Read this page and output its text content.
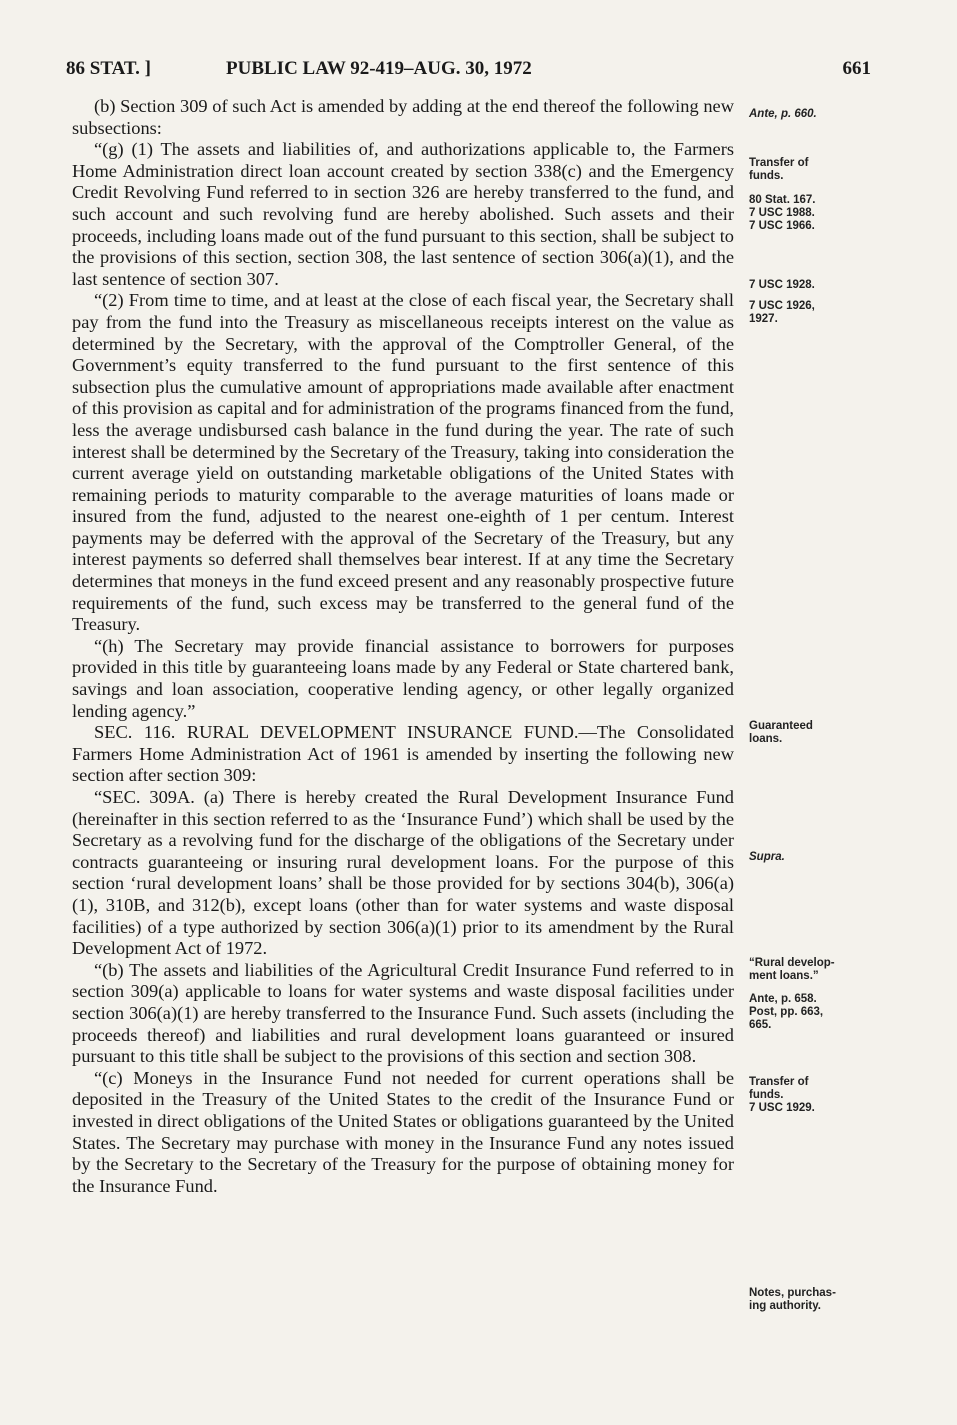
86 STAT. ]	PUBLIC LAW 92-419–AUG. 30, 1972	661

(b) Section 309 of such Act is amended by adding at the end thereof the following new subsections:

“(g) (1) The assets and liabilities of, and authorizations applicable to, the Farmers Home Administration direct loan account created by section 338(c) and the Emergency Credit Revolving Fund referred to in section 326 are hereby transferred to the fund, and such account and such revolving fund are hereby abolished. Such assets and their proceeds, including loans made out of the fund pursuant to this section, shall be subject to the provisions of this section, section 308, the last sentence of section 306(a)(1), and the last sentence of section 307.

“(2) From time to time, and at least at the close of each fiscal year, the Secretary shall pay from the fund into the Treasury as miscellaneous receipts interest on the value as determined by the Secretary, with the approval of the Comptroller General, of the Government’s equity transferred to the fund pursuant to the first sentence of this subsection plus the cumulative amount of appropriations made available after enactment of this provision as capital and for administration of the programs financed from the fund, less the average undisbursed cash balance in the fund during the year. The rate of such interest shall be determined by the Secretary of the Treasury, taking into consideration the current average yield on outstanding marketable obligations of the United States with remaining periods to maturity comparable to the average maturities of loans made or insured from the fund, adjusted to the nearest one-eighth of 1 per centum. Interest payments may be deferred with the approval of the Secretary of the Treasury, but any interest payments so deferred shall themselves bear interest. If at any time the Secretary determines that moneys in the fund exceed present and any reasonably prospective future requirements of the fund, such excess may be transferred to the general fund of the Treasury.

“(h) The Secretary may provide financial assistance to borrowers for purposes provided in this title by guaranteeing loans made by any Federal or State chartered bank, savings and loan association, cooperative lending agency, or other legally organized lending agency.”

SEC. 116. RURAL DEVELOPMENT INSURANCE FUND.—The Consolidated Farmers Home Administration Act of 1961 is amended by inserting the following new section after section 309:

“SEC. 309A. (a) There is hereby created the Rural Development Insurance Fund (hereinafter in this section referred to as the ‘Insurance Fund’) which shall be used by the Secretary as a revolving fund for the discharge of the obligations of the Secretary under contracts guaranteeing or insuring rural development loans. For the purpose of this section ‘rural development loans’ shall be those provided for by sections 304(b), 306(a)(1), 310B, and 312(b), except loans (other than for water systems and waste disposal facilities) of a type authorized by section 306(a)(1) prior to its amendment by the Rural Development Act of 1972.

“(b) The assets and liabilities of the Agricultural Credit Insurance Fund referred to in section 309(a) applicable to loans for water systems and waste disposal facilities under section 306(a)(1) are hereby transferred to the Insurance Fund. Such assets (including the proceeds thereof) and liabilities and rural development loans guaranteed or insured pursuant to this title shall be subject to the provisions of this section and section 308.

“(c) Moneys in the Insurance Fund not needed for current operations shall be deposited in the Treasury of the United States to the credit of the Insurance Fund or invested in direct obligations of the United States or obligations guaranteed by the United States. The Secretary may purchase with money in the Insurance Fund any notes issued by the Secretary to the Secretary of the Treasury for the purpose of obtaining money for the Insurance Fund.

Ante, p. 660.
Transfer of
funds.
80 Stat. 167.
7 USC 1988.
7 USC 1966.
7 USC 1928.
7 USC 1926,
1927.
Guaranteed
loans.
Supra.
“Rural develop-
ment loans.”
Ante, p. 658.
Post, pp. 663,
665.
Transfer of
funds.
7 USC 1929.
Notes, purchas-
ing authority.
